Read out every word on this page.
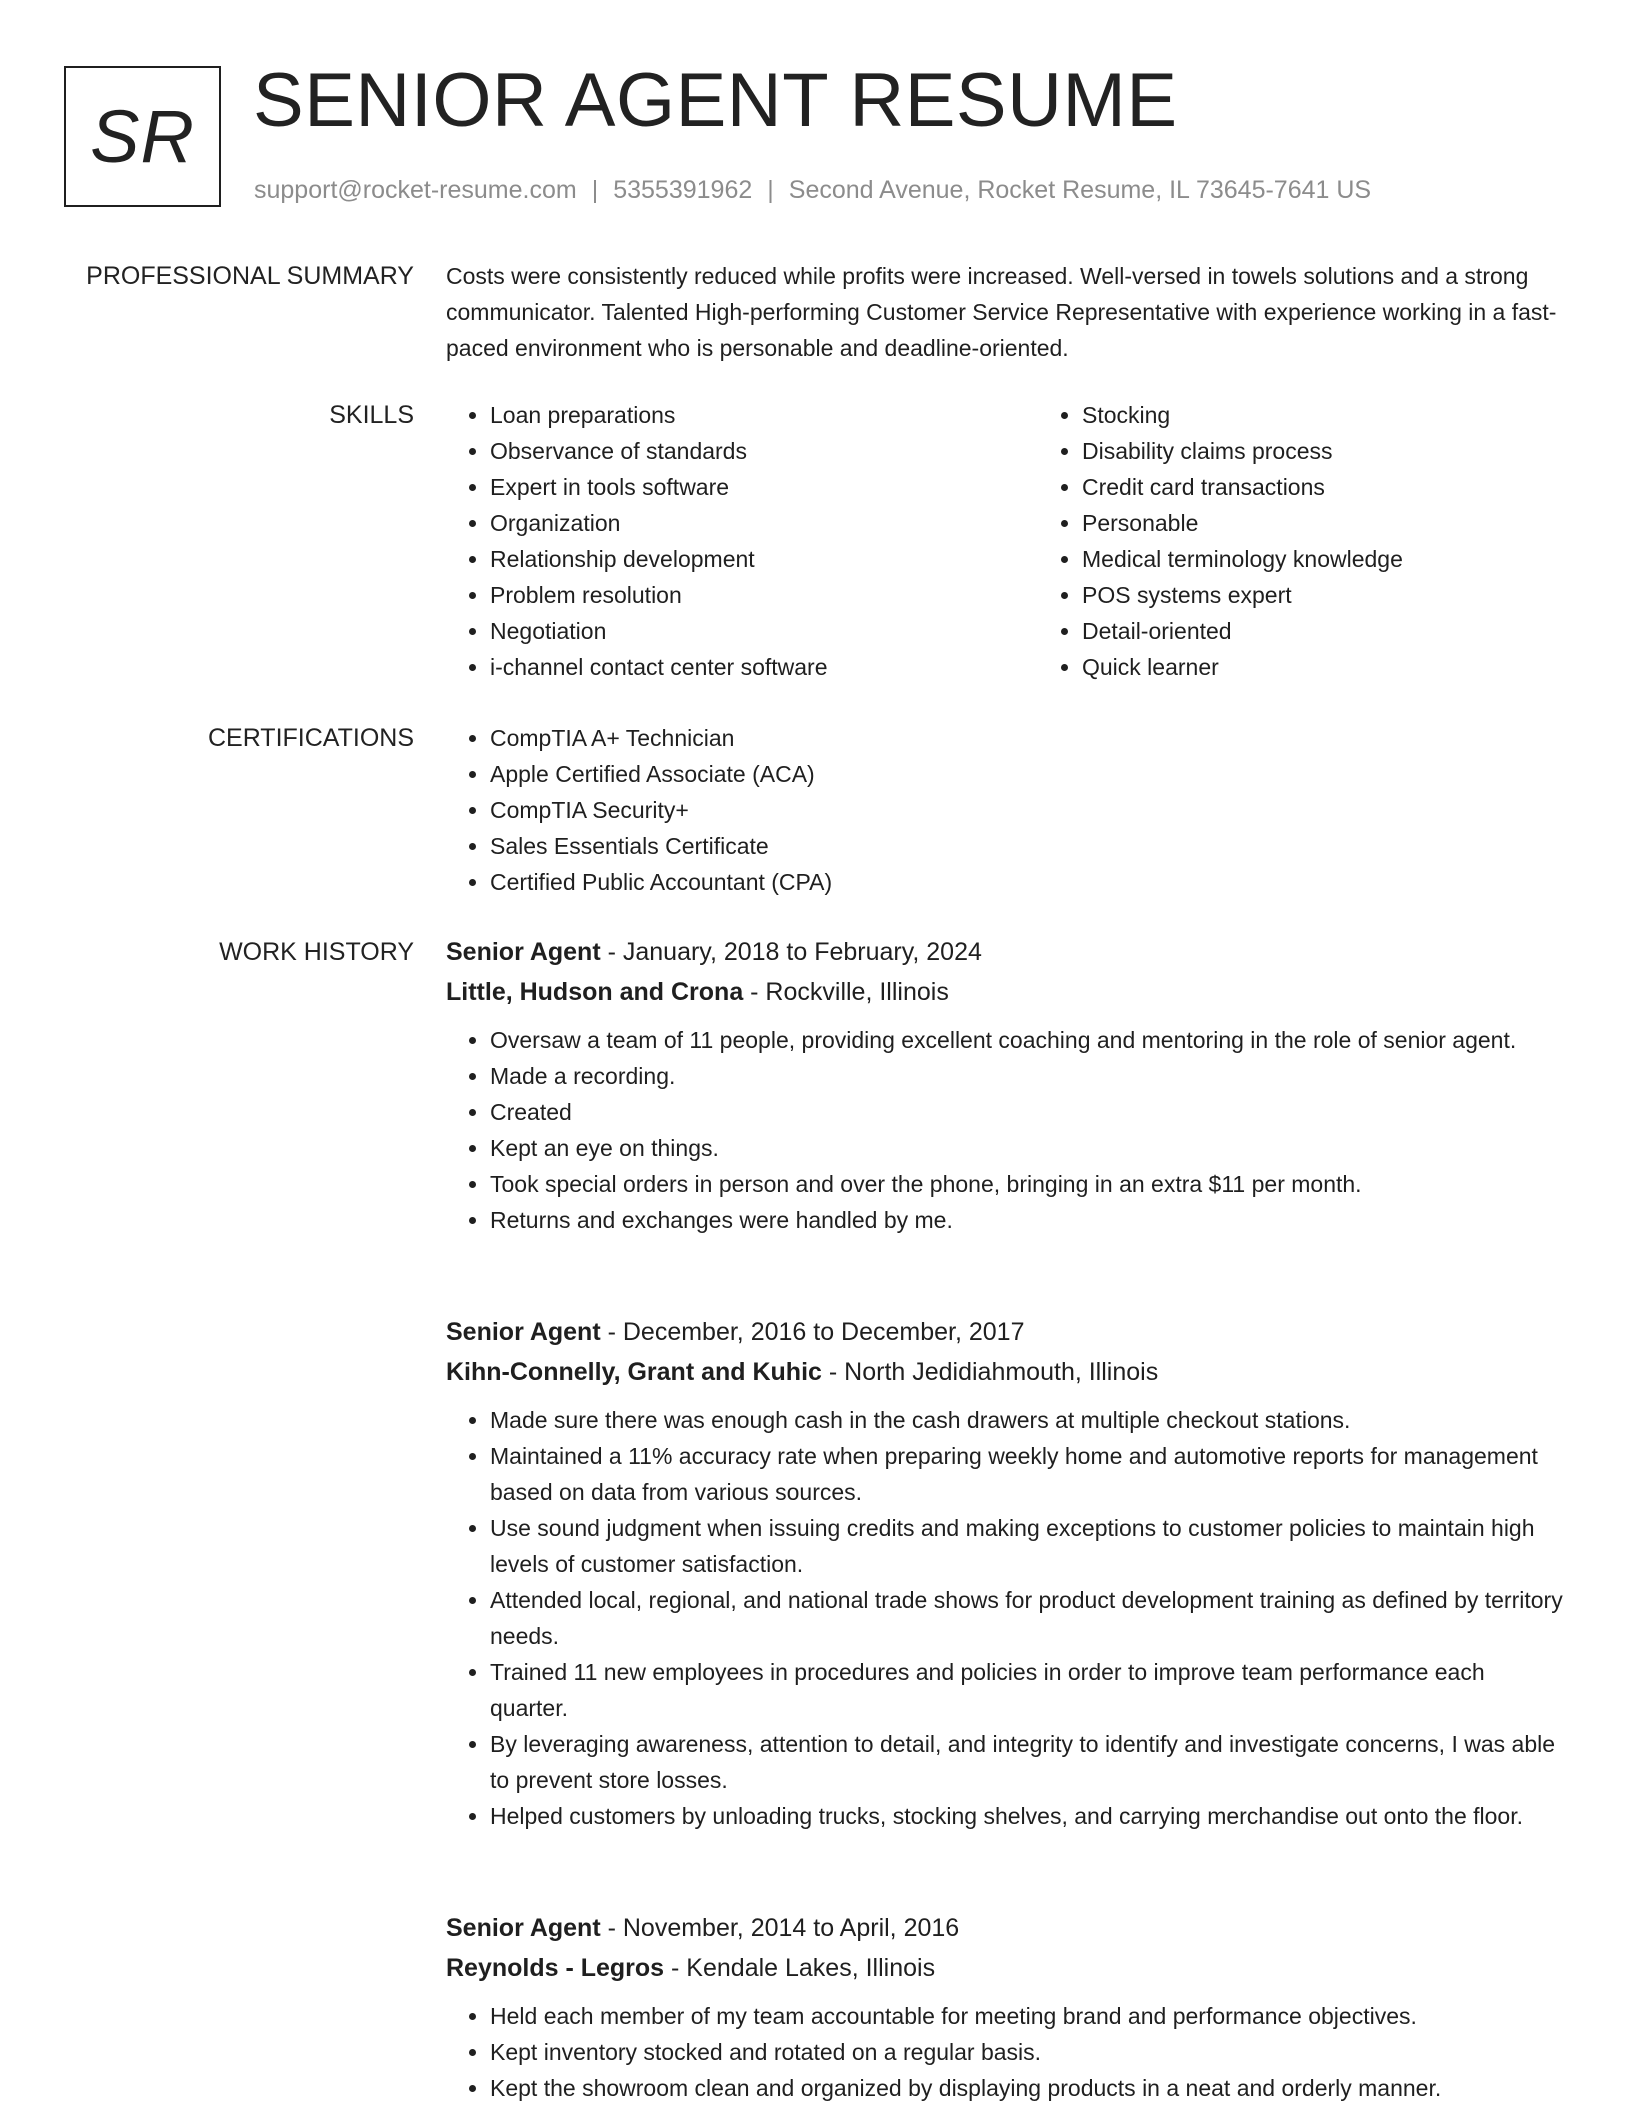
SR SENIOR AGENT RESUME
support@rocket-resume.com | 5355391962 | Second Avenue, Rocket Resume, IL 73645-7641 US
PROFESSIONAL SUMMARY Costs were consistently reduced while profits were increased. Well-versed in towels solutions and a strong communicator. Talented High-performing Customer Service Representative with experience working in a fast-paced environment who is personable and deadline-oriented.

SKILLS	• Loan preparations
• Observance of standards
• Expert in tools software
• Organization
• Relationship development
• Problem resolution
• Negotiation
• i-channel contact center software
• Stocking
• Disability claims process
• Credit card transactions
• Personable
• Medical terminology knowledge
• POS systems expert
• Detail-oriented
• Quick learner
CERTIFICATIONS	• CompTIA A+ Technician
• Apple Certified Associate (ACA)
• CompTIA Security+
• Sales Essentials Certificate
• Certified Public Accountant (CPA)
WORK HISTORY Senior Agent - January, 2018 to February, 2024
Little, Hudson and Crona - Rockville, Illinois
• Oversaw a team of 11 people, providing excellent coaching and mentoring in the role of senior agent.
• Made a recording.
• Created
• Kept an eye on things.
• Took special orders in person and over the phone, bringing in an extra $11 per month.
• Returns and exchanges were handled by me.
Senior Agent - December, 2016 to December, 2017
Kihn-Connelly, Grant and Kuhic - North Jedidiahmouth, Illinois
• Made sure there was enough cash in the cash drawers at multiple checkout stations.
• Maintained a 11% accuracy rate when preparing weekly home and automotive reports for management based on data from various sources.
• Use sound judgment when issuing credits and making exceptions to customer policies to maintain high levels of customer satisfaction.
• Attended local, regional, and national trade shows for product development training as defined by territory needs.
• Trained 11 new employees in procedures and policies in order to improve team performance each quarter.
• By leveraging awareness, attention to detail, and integrity to identify and investigate concerns, I was able to prevent store losses.
• Helped customers by unloading trucks, stocking shelves, and carrying merchandise out onto the floor.
Senior Agent - November, 2014 to April, 2016
Reynolds - Legros - Kendale Lakes, Illinois
• Held each member of my team accountable for meeting brand and performance objectives.
• Kept inventory stocked and rotated on a regular basis.
• Kept the showroom clean and organized by displaying products in a neat and orderly manner.
